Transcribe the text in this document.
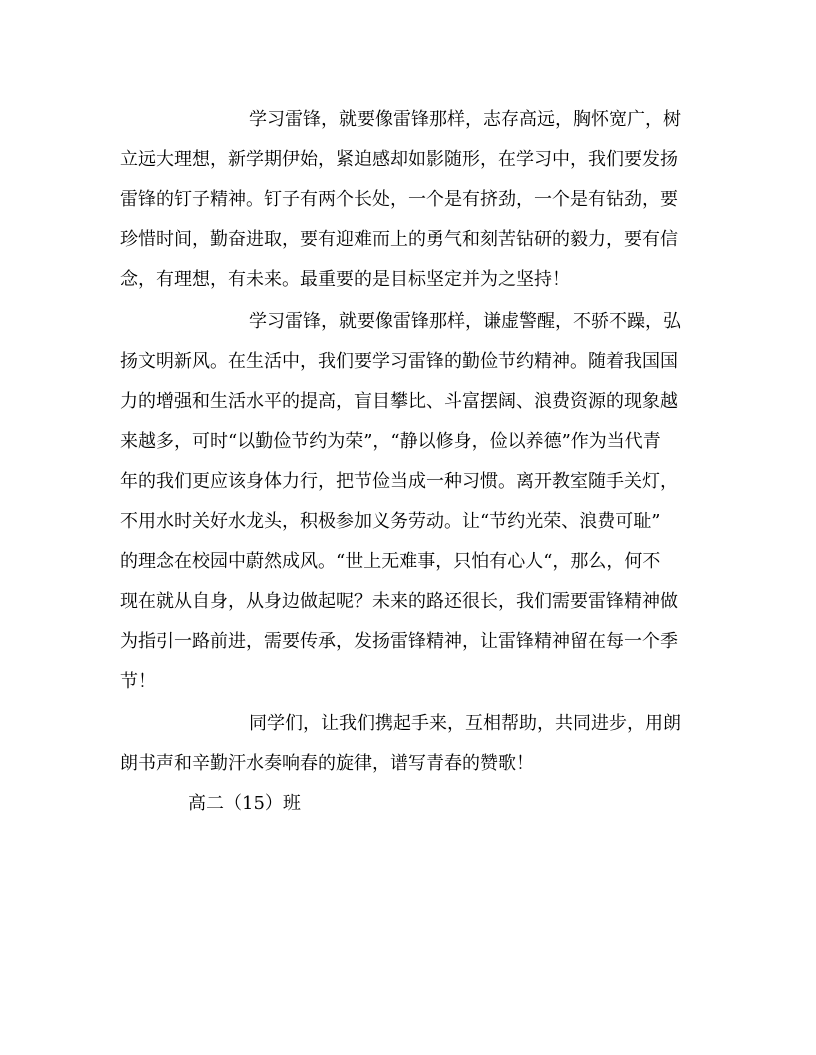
学习雷锋，就要像雷锋那样，志存高远，胸怀宽广，树
立远大理想，新学期伊始，紧迫感却如影随形，在学习中，我们要发扬
雷锋的钉子精神。钉子有两个长处，一个是有挤劲，一个是有钻劲，要
珍惜时间，勤奋进取，要有迎难而上的勇气和刻苦钻研的毅力，要有信
念，有理想，有未来。最重要的是目标坚定并为之坚持！
学习雷锋，就要像雷锋那样，谦虚警醒，不骄不躁，弘
扬文明新风。在生活中，我们要学习雷锋的勤俭节约精神。随着我国国
力的增强和生活水平的提高，盲目攀比、斗富摆阔、浪费资源的现象越
来越多，可时“以勤俭节约为荣”，“静以修身，俭以养德”作为当代青
年的我们更应该身体力行，把节俭当成一种习惯。离开教室随手关灯，
不用水时关好水龙头，积极参加义务劳动。让“节约光荣、浪费可耻”
的理念在校园中蔚然成风。“世上无难事，只怕有心人“，那么，何不
现在就从自身，从身边做起呢？未来的路还很长，我们需要雷锋精神做
为指引一路前进，需要传承，发扬雷锋精神，让雷锋精神留在每一个季
节！
同学们，让我们携起手来，互相帮助，共同进步，用朗
朗书声和辛勤汗水奏响春的旋律，谱写青春的赞歌！
高二（15）班
